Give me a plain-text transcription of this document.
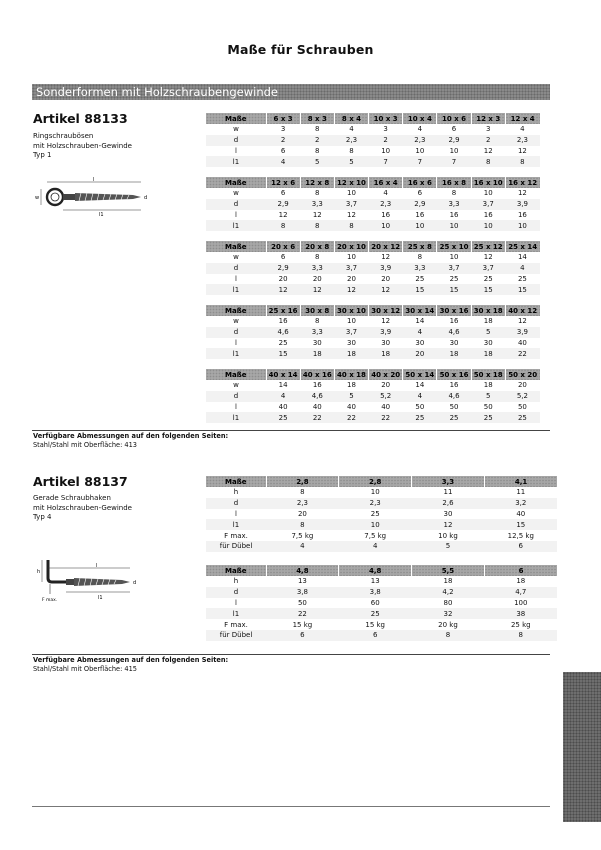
Maße für Schrauben
Sonderformen mit Holzschraubengewinde
Artikel 88133
Ringschraubösen
mit Holzschrauben-Gewinde
Typ 1
l
l1
w	d
Maße	6 x 3	8 x 3	8 x 4	10 x 3	10 x 4	10 x 6	12 x 3	12 x 4
w	3	8	4	3	4	6	3	4
d	2	2	2,3	2	2,3	2,9	2	2,3
l	6	8	8	10	10	10	12	12
l1	4	5	5	7	7	7	8	8
Maße	12 x 6	12 x 8	12 x 10	16 x 4	16 x 6	16 x 8	16 x 10	16 x 12
w	6	8	10	4	6	8	10	12
d	2,9	3,3	3,7	2,3	2,9	3,3	3,7	3,9
l	12	12	12	16	16	16	16	16
l1	8	8	8	10	10	10	10	10
Maße	20 x 6	20 x 8	20 x 10	20 x 12	25 x 8	25 x 10	25 x 12	25 x 14
w	6	8	10	12	8	10	12	14
d	2,9	3,3	3,7	3,9	3,3	3,7	3,7	4
l	20	20	20	20	25	25	25	25
l1	12	12	12	12	15	15	15	15
Maße	25 x 16	30 x 8	30 x 10	30 x 12	30 x 14	30 x 16	30 x 18	40 x 12
w	16	8	10	12	14	16	18	12
d	4,6	3,3	3,7	3,9	4	4,6	5	3,9
l	25	30	30	30	30	30	30	40
l1	15	18	18	18	20	18	18	22
Maße	40 x 14	40 x 16	40 x 18	40 x 20	50 x 14	50 x 16	50 x 18	50 x 20
w	14	16	18	20	14	16	18	20
d	4	4,6	5	5,2	4	4,6	5	5,2
l	40	40	40	40	50	50	50	50
l1	25	22	22	22	25	25	25	25
Verfügbare Abmessungen auf den folgenden Seiten:
Stahl/Stahl mit Oberfläche: 413
Artikel 88137
Gerade Schraubhaken
mit Holzschrauben-Gewinde
Typ 4
h
l
l1
d
F max.
Maße	2,8	2,8	3,3	4,1
h	8	10	11	11
d	2,3	2,3	2,6	3,2
l	20	25	30	40
l1	8	10	12	15
F max.	7,5 kg	7,5 kg	10 kg	12,5 kg
für Dübel	4	4	5	6
Maße	4,8	4,8	5,5	6
h	13	13	18	18
d	3,8	3,8	4,2	4,7
l	50	60	80	100
l1	22	25	32	38
F max.	15 kg	15 kg	20 kg	25 kg
für Dübel	6	6	8	8
Verfügbare Abmessungen auf den folgenden Seiten:
Stahl/Stahl mit Oberfläche: 415
